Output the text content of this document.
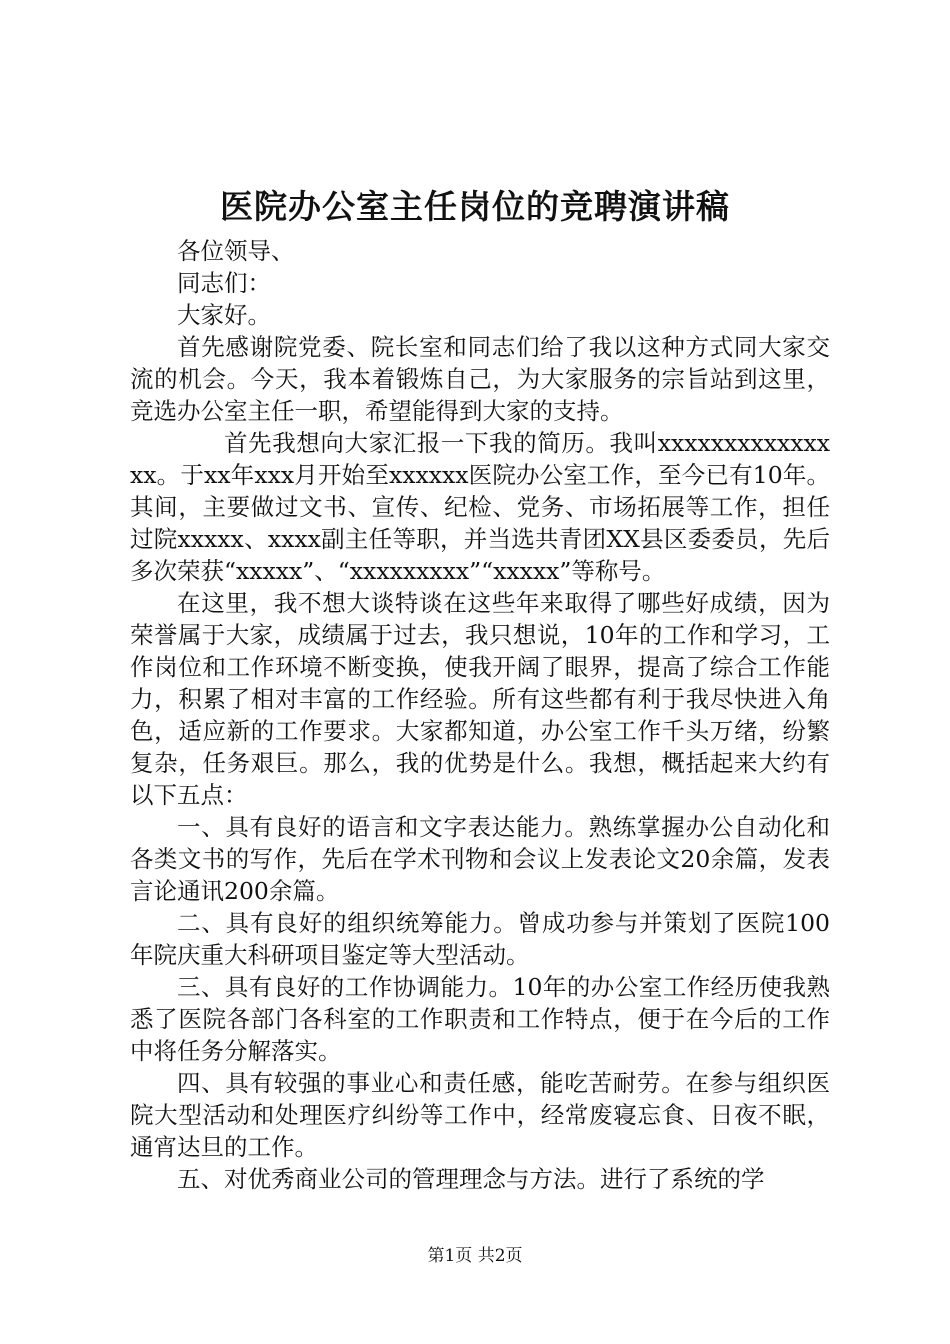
医院办公室主任岗位的竞聘演讲稿

各位领导、

同志们：

大家好。

首先感谢院党委、院长室和同志们给了我以这种方式同大家交流的机会。今天，我本着锻炼自己，为大家服务的宗旨站到这里，竞选办公室主任一职，希望能得到大家的支持。

首先我想向大家汇报一下我的简历。我叫xxxxxxxxxxxxxxx。于xx年xxx月开始至xxxxxx医院办公室工作，至今已有10年。其间，主要做过文书、宣传、纪检、党务、市场拓展等工作，担任过院xxxxx、xxxx副主任等职，并当选共青团XX县区委委员，先后多次荣获“xxxxx”、“xxxxxxxxx”“xxxxx”等称号。

在这里，我不想大谈特谈在这些年来取得了哪些好成绩，因为荣誉属于大家，成绩属于过去，我只想说，10年的工作和学习，工作岗位和工作环境不断变换，使我开阔了眼界，提高了综合工作能力，积累了相对丰富的工作经验。所有这些都有利于我尽快进入角色，适应新的工作要求。大家都知道，办公室工作千头万绪，纷繁复杂，任务艰巨。那么，我的优势是什么。我想，概括起来大约有以下五点：

一、具有良好的语言和文字表达能力。熟练掌握办公自动化和各类文书的写作，先后在学术刊物和会议上发表论文20余篇，发表言论通讯200余篇。

二、具有良好的组织统筹能力。曾成功参与并策划了医院100年院庆重大科研项目鉴定等大型活动。

三、具有良好的工作协调能力。10年的办公室工作经历使我熟悉了医院各部门各科室的工作职责和工作特点，便于在今后的工作中将任务分解落实。

四、具有较强的事业心和责任感，能吃苦耐劳。在参与组织医院大型活动和处理医疗纠纷等工作中，经常废寝忘食、日夜不眠，通宵达旦的工作。

五、对优秀商业公司的管理理念与方法。进行了系统的学

第1页 共2页
